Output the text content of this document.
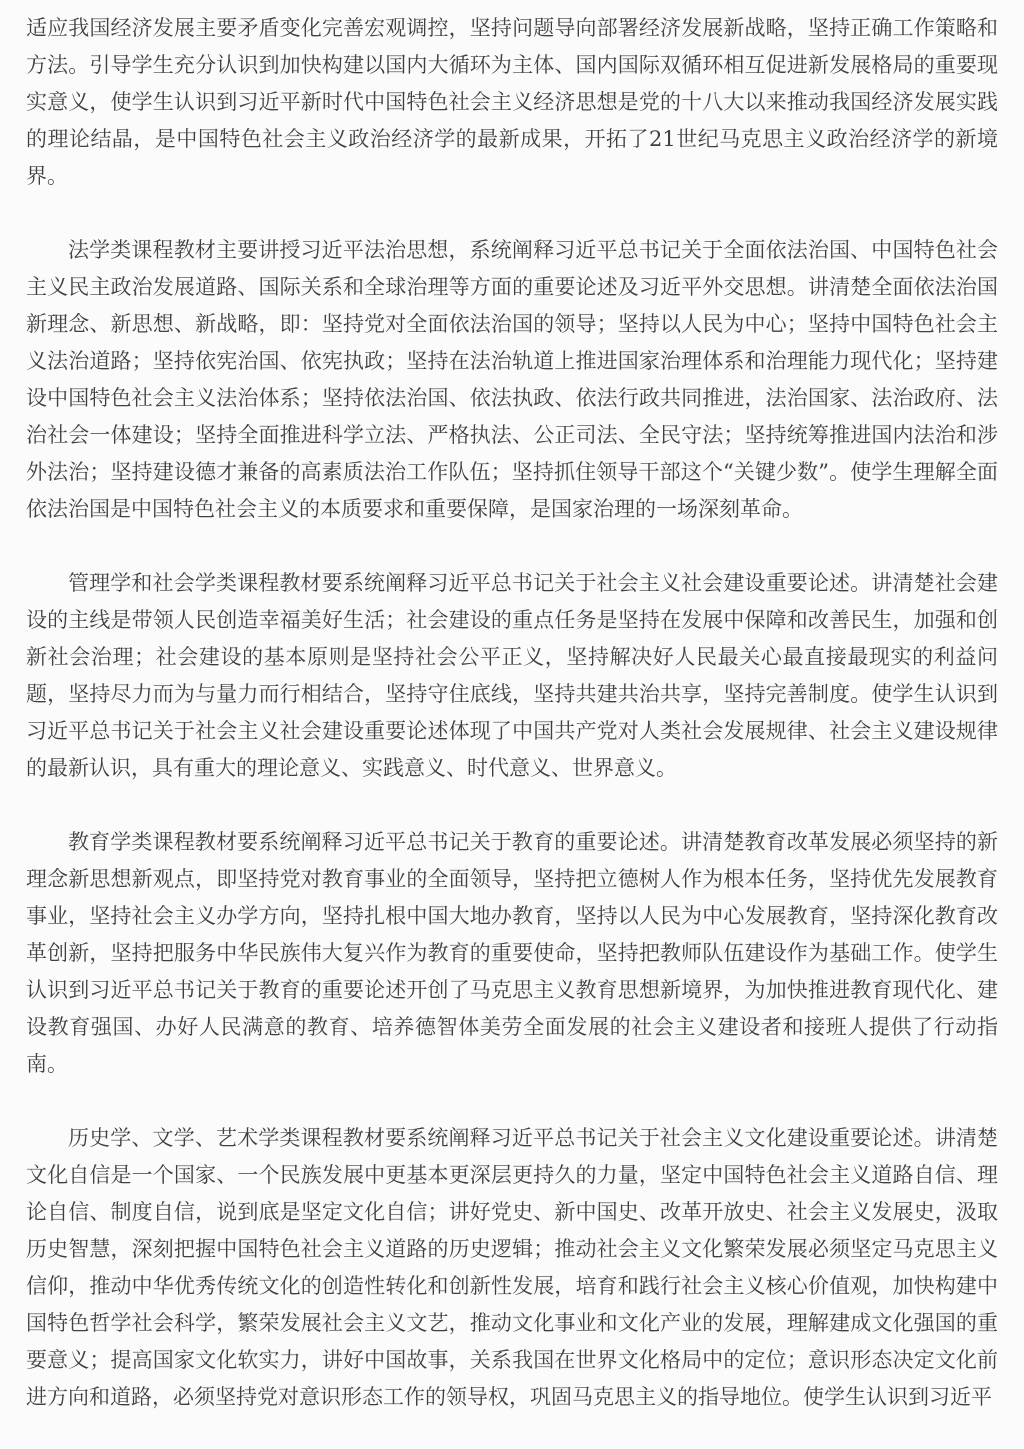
适应我国经济发展主要矛盾变化完善宏观调控，坚持问题导向部署经济发展新战略，坚持正确工作策略和方法。引导学生充分认识到加快构建以国内大循环为主体、国内国际双循环相互促进新发展格局的重要现实意义，使学生认识到习近平新时代中国特色社会主义经济思想是党的十八大以来推动我国经济发展实践的理论结晶，是中国特色社会主义政治经济学的最新成果，开拓了21世纪马克思主义政治经济学的新境界。

法学类课程教材主要讲授习近平法治思想，系统阐释习近平总书记关于全面依法治国、中国特色社会主义民主政治发展道路、国际关系和全球治理等方面的重要论述及习近平外交思想。讲清楚全面依法治国新理念、新思想、新战略，即：坚持党对全面依法治国的领导；坚持以人民为中心；坚持中国特色社会主义法治道路；坚持依宪治国、依宪执政；坚持在法治轨道上推进国家治理体系和治理能力现代化；坚持建设中国特色社会主义法治体系；坚持依法治国、依法执政、依法行政共同推进，法治国家、法治政府、法治社会一体建设；坚持全面推进科学立法、严格执法、公正司法、全民守法；坚持统筹推进国内法治和涉外法治；坚持建设德才兼备的高素质法治工作队伍；坚持抓住领导干部这个“关键少数”。使学生理解全面依法治国是中国特色社会主义的本质要求和重要保障，是国家治理的一场深刻革命。

管理学和社会学类课程教材要系统阐释习近平总书记关于社会主义社会建设重要论述。讲清楚社会建设的主线是带领人民创造幸福美好生活；社会建设的重点任务是坚持在发展中保障和改善民生，加强和创新社会治理；社会建设的基本原则是坚持社会公平正义，坚持解决好人民最关心最直接最现实的利益问题，坚持尽力而为与量力而行相结合，坚持守住底线，坚持共建共治共享，坚持完善制度。使学生认识到习近平总书记关于社会主义社会建设重要论述体现了中国共产党对人类社会发展规律、社会主义建设规律的最新认识，具有重大的理论意义、实践意义、时代意义、世界意义。

教育学类课程教材要系统阐释习近平总书记关于教育的重要论述。讲清楚教育改革发展必须坚持的新理念新思想新观点，即坚持党对教育事业的全面领导，坚持把立德树人作为根本任务，坚持优先发展教育事业，坚持社会主义办学方向，坚持扎根中国大地办教育，坚持以人民为中心发展教育，坚持深化教育改革创新，坚持把服务中华民族伟大复兴作为教育的重要使命，坚持把教师队伍建设作为基础工作。使学生认识到习近平总书记关于教育的重要论述开创了马克思主义教育思想新境界，为加快推进教育现代化、建设教育强国、办好人民满意的教育、培养德智体美劳全面发展的社会主义建设者和接班人提供了行动指南。

历史学、文学、艺术学类课程教材要系统阐释习近平总书记关于社会主义文化建设重要论述。讲清楚文化自信是一个国家、一个民族发展中更基本更深层更持久的力量，坚定中国特色社会主义道路自信、理论自信、制度自信，说到底是坚定文化自信；讲好党史、新中国史、改革开放史、社会主义发展史，汲取历史智慧，深刻把握中国特色社会主义道路的历史逻辑；推动社会主义文化繁荣发展必须坚定马克思主义信仰，推动中华优秀传统文化的创造性转化和创新性发展，培育和践行社会主义核心价值观，加快构建中国特色哲学社会科学，繁荣发展社会主义文艺，推动文化事业和文化产业的发展，理解建成文化强国的重要意义；提高国家文化软实力，讲好中国故事，关系我国在世界文化格局中的定位；意识形态决定文化前进方向和道路，必须坚持党对意识形态工作的领导权，巩固马克思主义的指导地位。使学生认识到习近平
